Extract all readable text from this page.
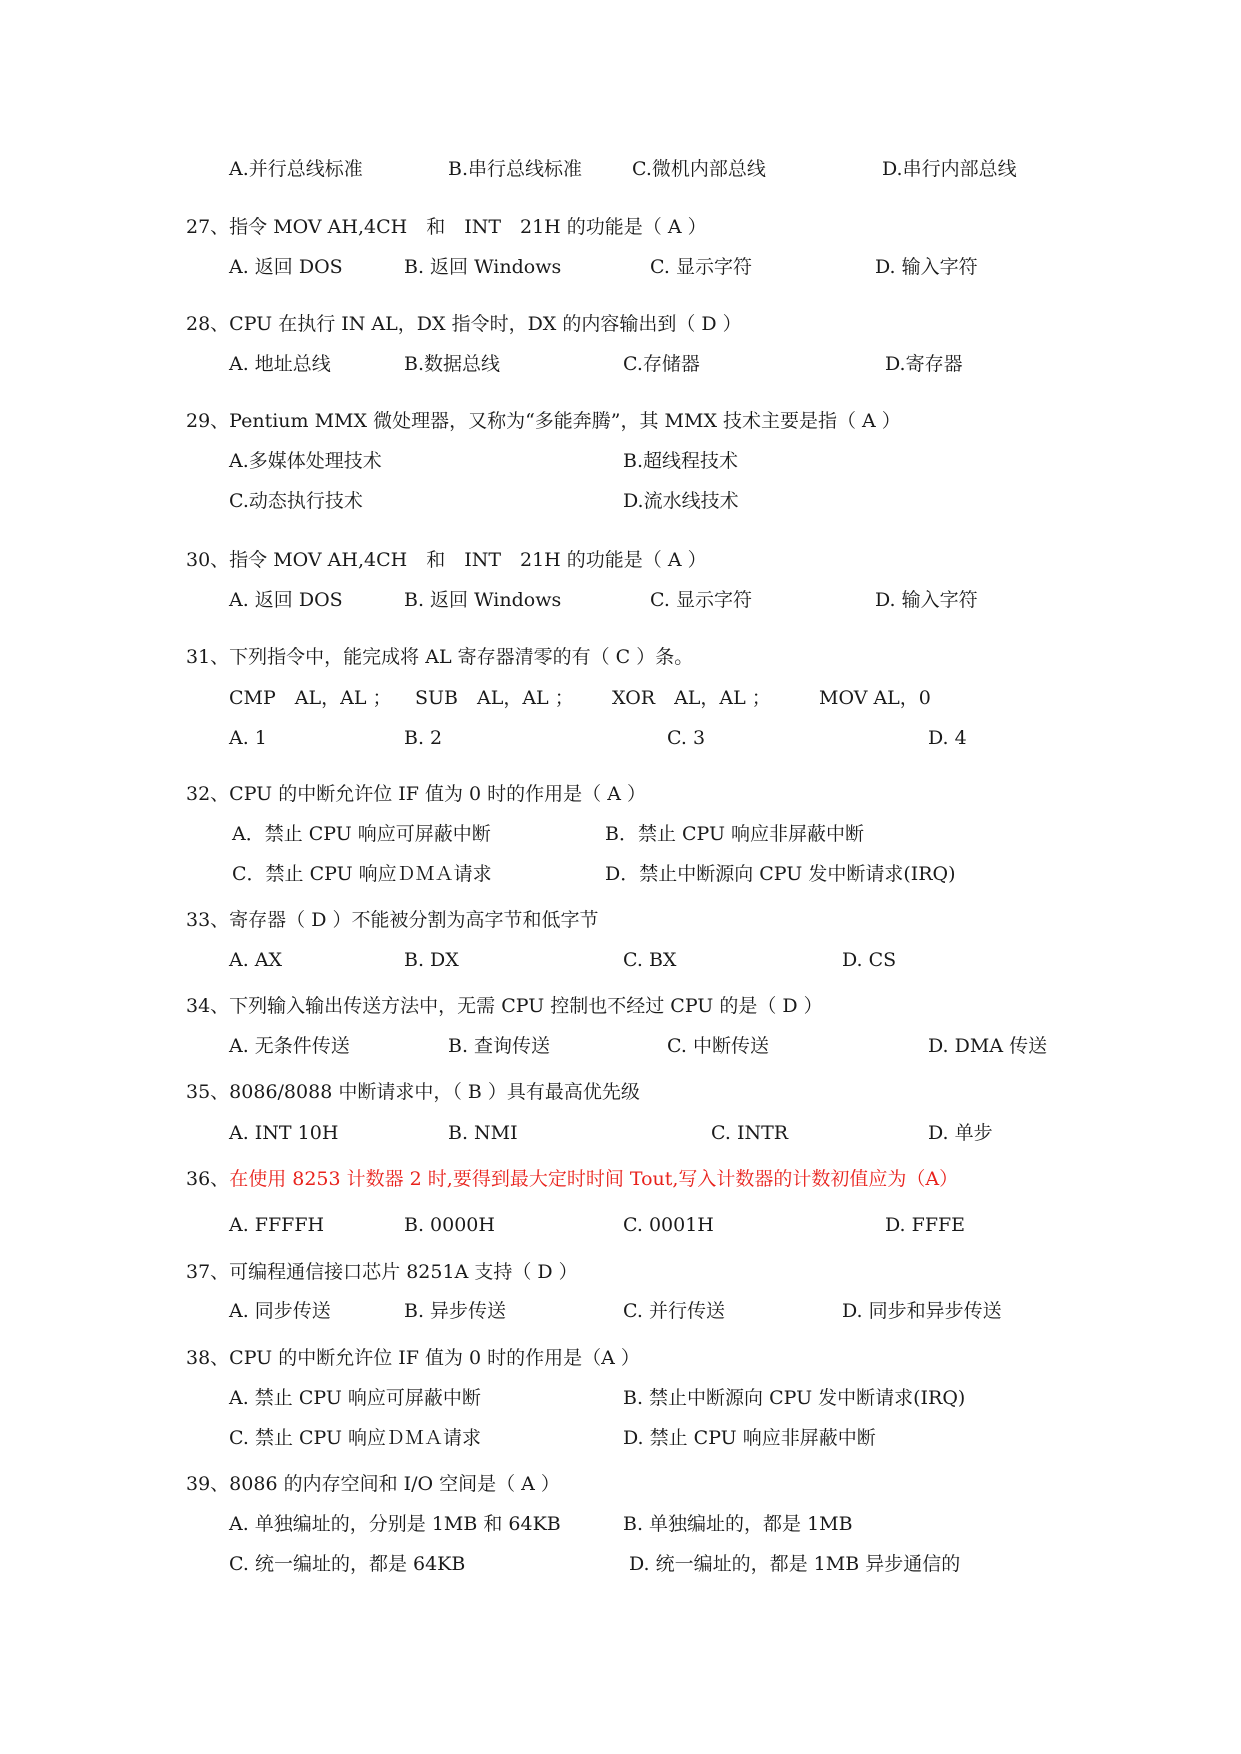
A.并行总线标准	B.串行总线标准	C.微机内部总线	D.串行内部总线
27、指令 MOV AH,4CH　和　INT　21H 的功能是（ A ）
A. 返回 DOS	B. 返回 Windows	C. 显示字符	D. 输入字符
28、CPU 在执行 IN AL，DX 指令时，DX 的内容输出到（ D ）
A. 地址总线	B.数据总线	C.存储器	D.寄存器
29、Pentium MMX 微处理器，又称为“多能奔腾”，其 MMX 技术主要是指（ A ）
A.多媒体处理技术	B.超线程技术
C.动态执行技术	D.流水线技术
30、指令 MOV AH,4CH　和　INT　21H 的功能是（ A ）
A. 返回 DOS	B. 返回 Windows	C. 显示字符	D. 输入字符
31、下列指令中，能完成将 AL 寄存器清零的有（ C ）条。
CMP　AL，AL ； SUB　AL，AL ； XOR　AL，AL ；	MOV AL，0
A. 1	B. 2	C. 3	D. 4
32、CPU 的中断允许位 IF 值为 0 时的作用是（ A ）
A．禁止 CPU 响应可屏蔽中断	B．禁止 CPU 响应非屏蔽中断
C．禁止 CPU 响应ＤＭＡ请求	D．禁止中断源向 CPU 发中断请求(IRQ)
33、寄存器（ D ）不能被分割为高字节和低字节
A. AX	B. DX	C. BX	D. CS
34、下列输入输出传送方法中，无需 CPU 控制也不经过 CPU 的是（ D ）
A. 无条件传送	B. 查询传送	C. 中断传送	D. DMA 传送
35、8086/8088 中断请求中，（ B ）具有最高优先级
A. INT 10H	B. NMI	C. INTR	D. 单步
36、在使用 8253 计数器 2 时,要得到最大定时时间 Tout,写入计数器的计数初值应为（A）
A. FFFFH	B. 0000H	C. 0001H	D. FFFE
37、可编程通信接口芯片 8251A 支持（ D ）
A. 同步传送	B. 异步传送	C. 并行传送	D. 同步和异步传送
38、CPU 的中断允许位 IF 值为 0 时的作用是（A ）
A. 禁止 CPU 响应可屏蔽中断	B. 禁止中断源向 CPU 发中断请求(IRQ)
C. 禁止 CPU 响应ＤＭＡ请求	D. 禁止 CPU 响应非屏蔽中断
39、8086 的内存空间和 I/O 空间是（ A ）
A. 单独编址的，分别是 1MB 和 64KB	B. 单独编址的，都是 1MB
C. 统一编址的，都是 64KB	D. 统一编址的，都是 1MB 异步通信的
